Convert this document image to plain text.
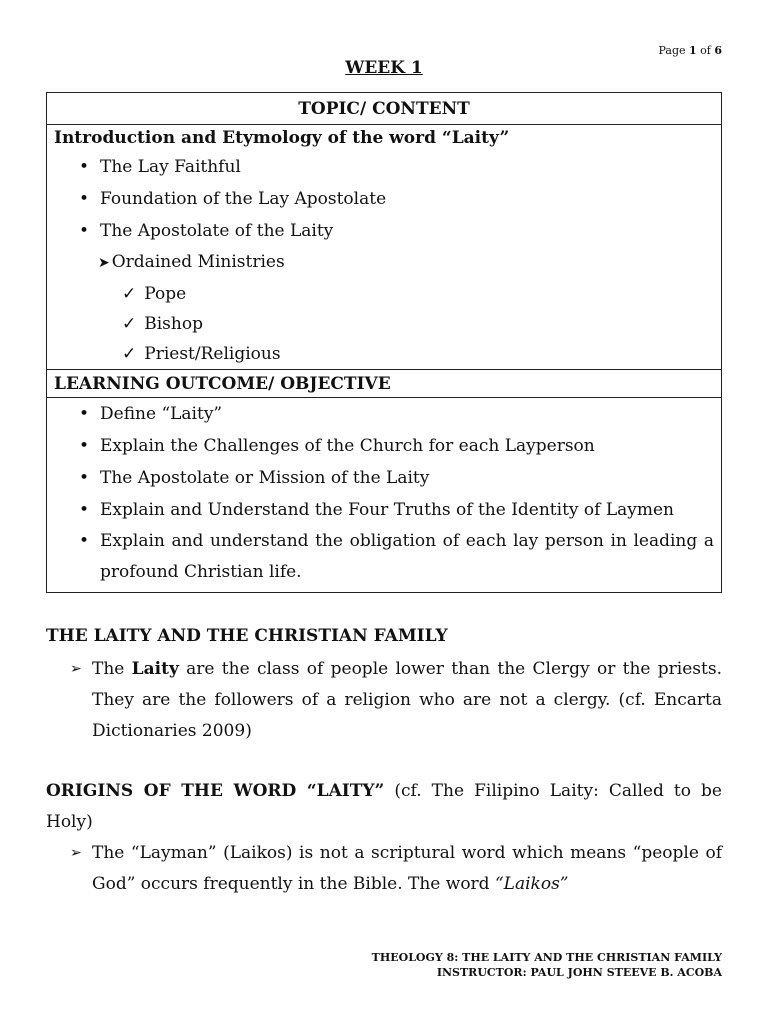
Page 1 of 6
WEEK 1
TOPIC/ CONTENT

Introduction and Etymology of the word “Laity”
• The Lay Faithful
• Foundation of the Lay Apostolate
• The Apostolate of the Laity
➤ Ordained Ministries
✓ Pope
✓ Bishop
✓ Priest/Religious

LEARNING OUTCOME/ OBJECTIVE

• Define “Laity”
• Explain the Challenges of the Church for each Layperson
• The Apostolate or Mission of the Laity
• Explain and Understand the Four Truths of the Identity of Laymen
• Explain and understand the obligation of each lay person in leading a profound Christian life.
THE LAITY AND THE CHRISTIAN FAMILY
➢ The Laity are the class of people lower than the Clergy or the priests. They are the followers of a religion who are not a clergy. (cf. Encarta Dictionaries 2009)
ORIGINS OF THE WORD “LAITY” (cf. The Filipino Laity: Called to be Holy)
➢ The “Layman” (Laikos) is not a scriptural word which means “people of God” occurs frequently in the Bible. The word “Laikos”
THEOLOGY 8: THE LAITY AND THE CHRISTIAN FAMILY
INSTRUCTOR: PAUL JOHN STEEVE B. ACOBA
